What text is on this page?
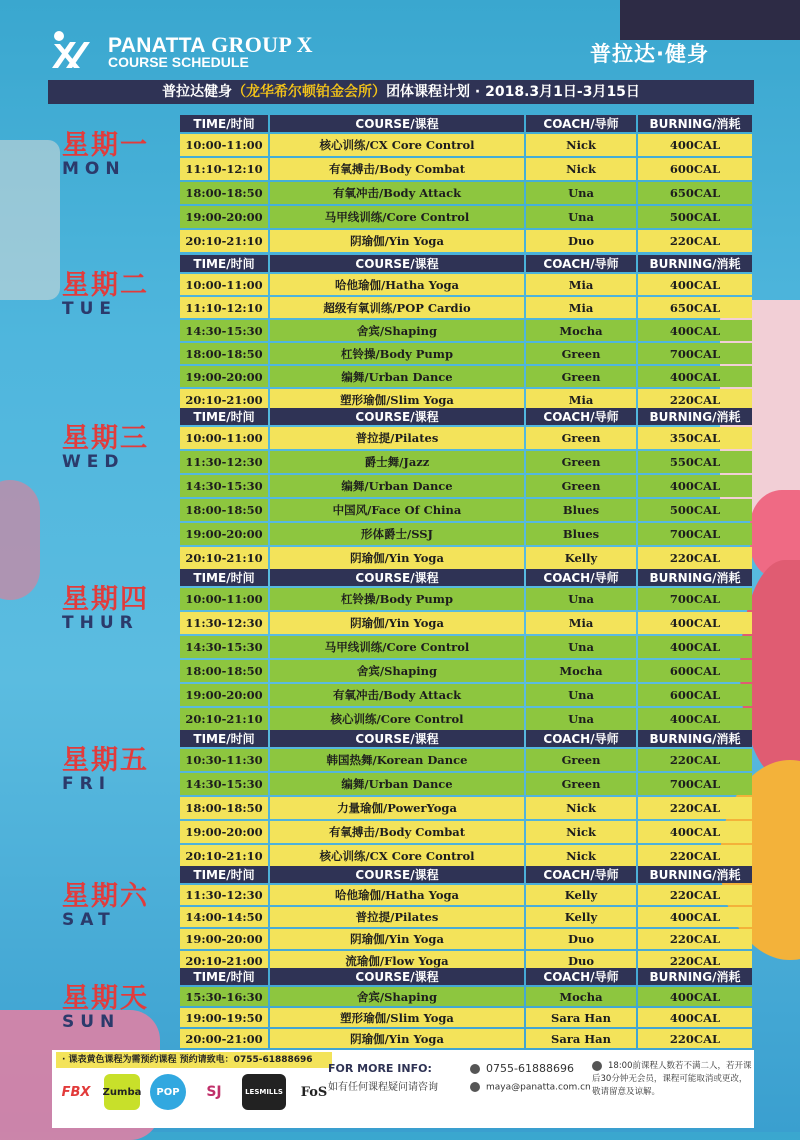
PANATTA GROUP X
COURSE SCHEDULE	普拉达·健身
普拉达健身（龙华希尔顿铂金会所）团体课程计划 · 2018.3月1日-3月15日
星期一
MON
TIME/时间	COURSE/课程	COACH/导师	BURNING/消耗
10:00-11:00	核心训练/CX Core Control	Nick	400CAL
11:10-12:10	有氧搏击/Body Combat	Nick	600CAL
18:00-18:50	有氧冲击/Body Attack	Una	650CAL
19:00-20:00	马甲线训练/Core Control	Una	500CAL
20:10-21:10	阴瑜伽/Yin Yoga	Duo	220CAL
星期二
TUE
TIME/时间	COURSE/课程	COACH/导师	BURNING/消耗
10:00-11:00	哈他瑜伽/Hatha Yoga	Mia	400CAL
11:10-12:10	超级有氧训练/POP Cardio	Mia	650CAL
14:30-15:30	舍宾/Shaping	Mocha	400CAL
18:00-18:50	杠铃操/Body Pump	Green	700CAL
19:00-20:00	编舞/Urban Dance	Green	400CAL
20:10-21:00	塑形瑜伽/Slim Yoga	Mia	220CAL
星期三
WED
TIME/时间	COURSE/课程	COACH/导师	BURNING/消耗
10:00-11:00	普拉提/Pilates	Green	350CAL
11:30-12:30	爵士舞/Jazz	Green	550CAL
14:30-15:30	编舞/Urban Dance	Green	400CAL
18:00-18:50	中国风/Face Of China	Blues	500CAL
19:00-20:00	形体爵士/SSJ	Blues	700CAL
20:10-21:10	阴瑜伽/Yin Yoga	Kelly	220CAL
星期四
THUR
TIME/时间	COURSE/课程	COACH/导师	BURNING/消耗
10:00-11:00	杠铃操/Body Pump	Una	700CAL
11:30-12:30	阴瑜伽/Yin Yoga	Mia	400CAL
14:30-15:30	马甲线训练/Core Control	Una	400CAL
18:00-18:50	舍宾/Shaping	Mocha	600CAL
19:00-20:00	有氧冲击/Body Attack	Una	600CAL
20:10-21:10	核心训练/Core Control	Una	400CAL
星期五
FRI
TIME/时间	COURSE/课程	COACH/导师	BURNING/消耗
10:30-11:30	韩国热舞/Korean Dance	Green	220CAL
14:30-15:30	编舞/Urban Dance	Green	700CAL
18:00-18:50	力量瑜伽/PowerYoga	Nick	220CAL
19:00-20:00	有氧搏击/Body Combat	Nick	400CAL
20:10-21:10	核心训练/CX Core Control	Nick	220CAL
星期六
SAT
TIME/时间	COURSE/课程	COACH/导师	BURNING/消耗
11:30-12:30	哈他瑜伽/Hatha Yoga	Kelly	220CAL
14:00-14:50	普拉提/Pilates	Kelly	400CAL
19:00-20:00	阴瑜伽/Yin Yoga	Duo	220CAL
20:10-21:00	流瑜伽/Flow Yoga	Duo	220CAL
星期天
SUN
TIME/时间	COURSE/课程	COACH/导师	BURNING/消耗
15:30-16:30	舍宾/Shaping	Mocha	400CAL
19:00-19:50	塑形瑜伽/Slim Yoga	Sara Han	400CAL
20:00-21:00	阴瑜伽/Yin Yoga	Sara Han	220CAL
· 课表黄色课程为需预约课程 预约请致电：0755-61888696
FBX	Zumba	POP	SJ	LESMILLS	FoS
FOR MORE INFO:
如有任何课程疑问请咨询
0755-61888696
maya@panatta.com.cn
18:00前课程人数若不满二人，若开课后30分钟无会员，课程可能取消或更改，敬请留意及谅解。
